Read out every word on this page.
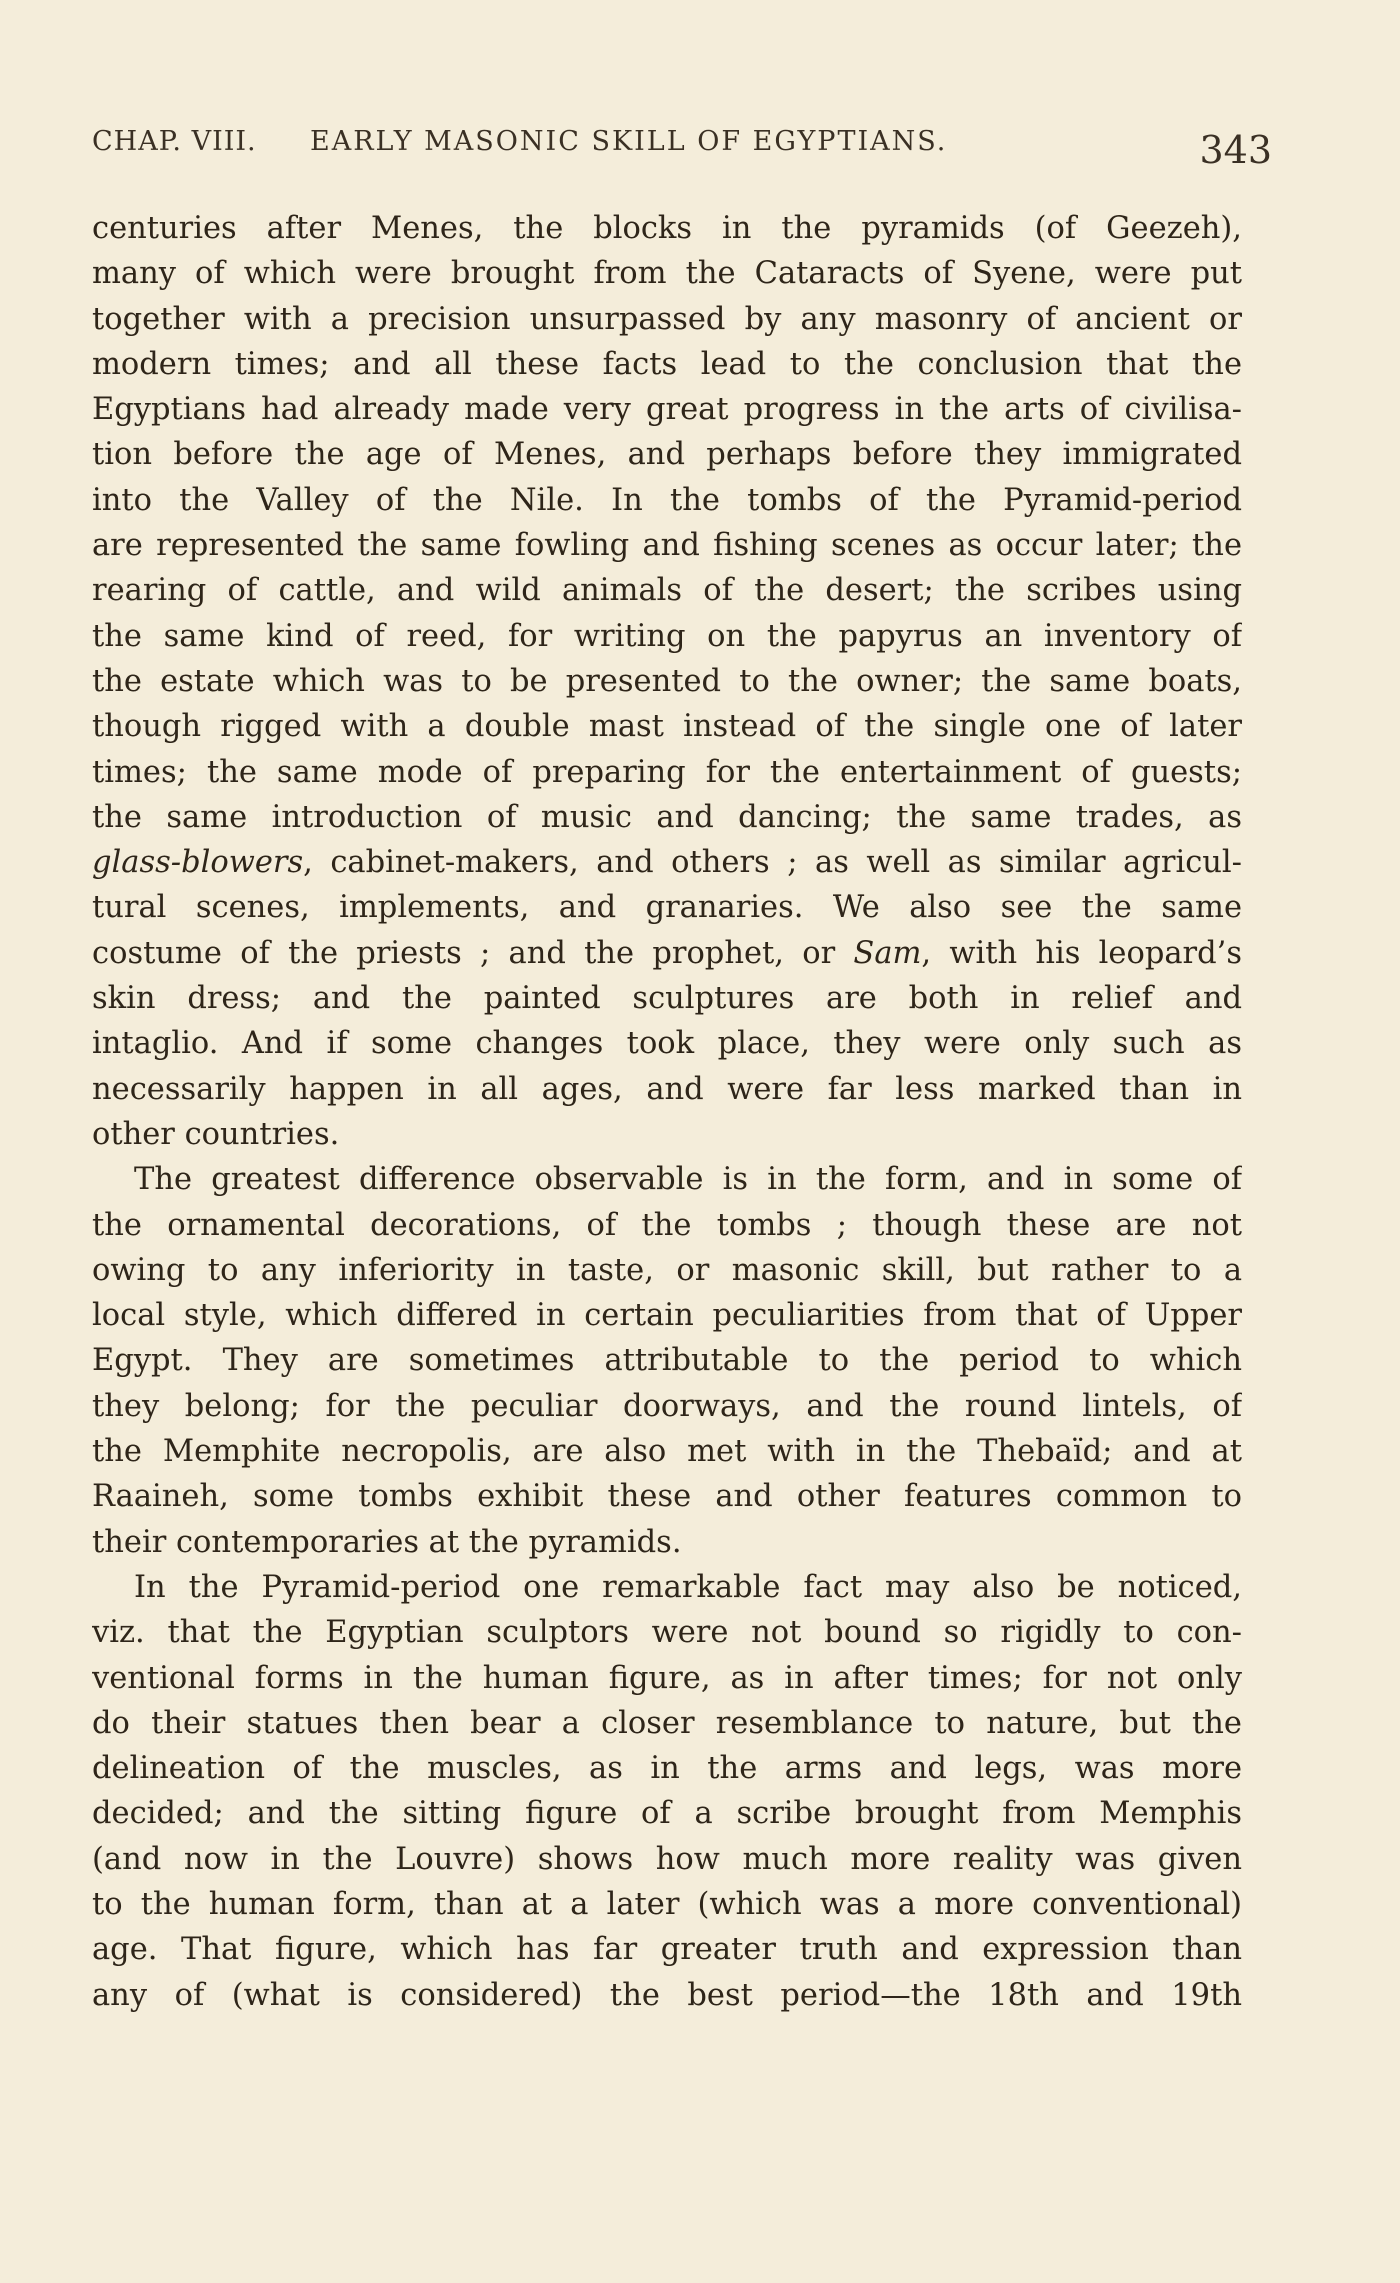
CHAP. VIII. EARLY MASONIC SKILL OF EGYPTIANS.	343
centuries after Menes, the blocks in the pyramids (of Geezeh),
many of which were brought from the Cataracts of Syene, were put
together with a precision unsurpassed by any masonry of ancient or
modern times; and all these facts lead to the conclusion that the
Egyptians had already made very great progress in the arts of civilisa-
tion before the age of Menes, and perhaps before they immigrated
into the Valley of the Nile. In the tombs of the Pyramid-period
are represented the same fowling and fishing scenes as occur later; the
rearing of cattle, and wild animals of the desert; the scribes using
the same kind of reed, for writing on the papyrus an inventory of
the estate which was to be presented to the owner; the same boats,
though rigged with a double mast instead of the single one of later
times; the same mode of preparing for the entertainment of guests;
the same introduction of music and dancing; the same trades, as
glass-blowers, cabinet-makers, and others ; as well as similar agricul-
tural scenes, implements, and granaries. We also see the same
costume of the priests ; and the prophet, or Sam, with his leopard’s
skin dress; and the painted sculptures are both in relief and
intaglio. And if some changes took place, they were only such as
necessarily happen in all ages, and were far less marked than in
other countries.
The greatest difference observable is in the form, and in some of
the ornamental decorations, of the tombs ; though these are not
owing to any inferiority in taste, or masonic skill, but rather to a
local style, which differed in certain peculiarities from that of Upper
Egypt. They are sometimes attributable to the period to which
they belong; for the peculiar doorways, and the round lintels, of
the Memphite necropolis, are also met with in the Thebaïd; and at
Raaineh, some tombs exhibit these and other features common to
their contemporaries at the pyramids.
In the Pyramid-period one remarkable fact may also be noticed,
viz. that the Egyptian sculptors were not bound so rigidly to con-
ventional forms in the human figure, as in after times; for not only
do their statues then bear a closer resemblance to nature, but the
delineation of the muscles, as in the arms and legs, was more
decided; and the sitting figure of a scribe brought from Memphis
(and now in the Louvre) shows how much more reality was given
to the human form, than at a later (which was a more conventional)
age. That figure, which has far greater truth and expression than
any of (what is considered) the best period—the 18th and 19th
